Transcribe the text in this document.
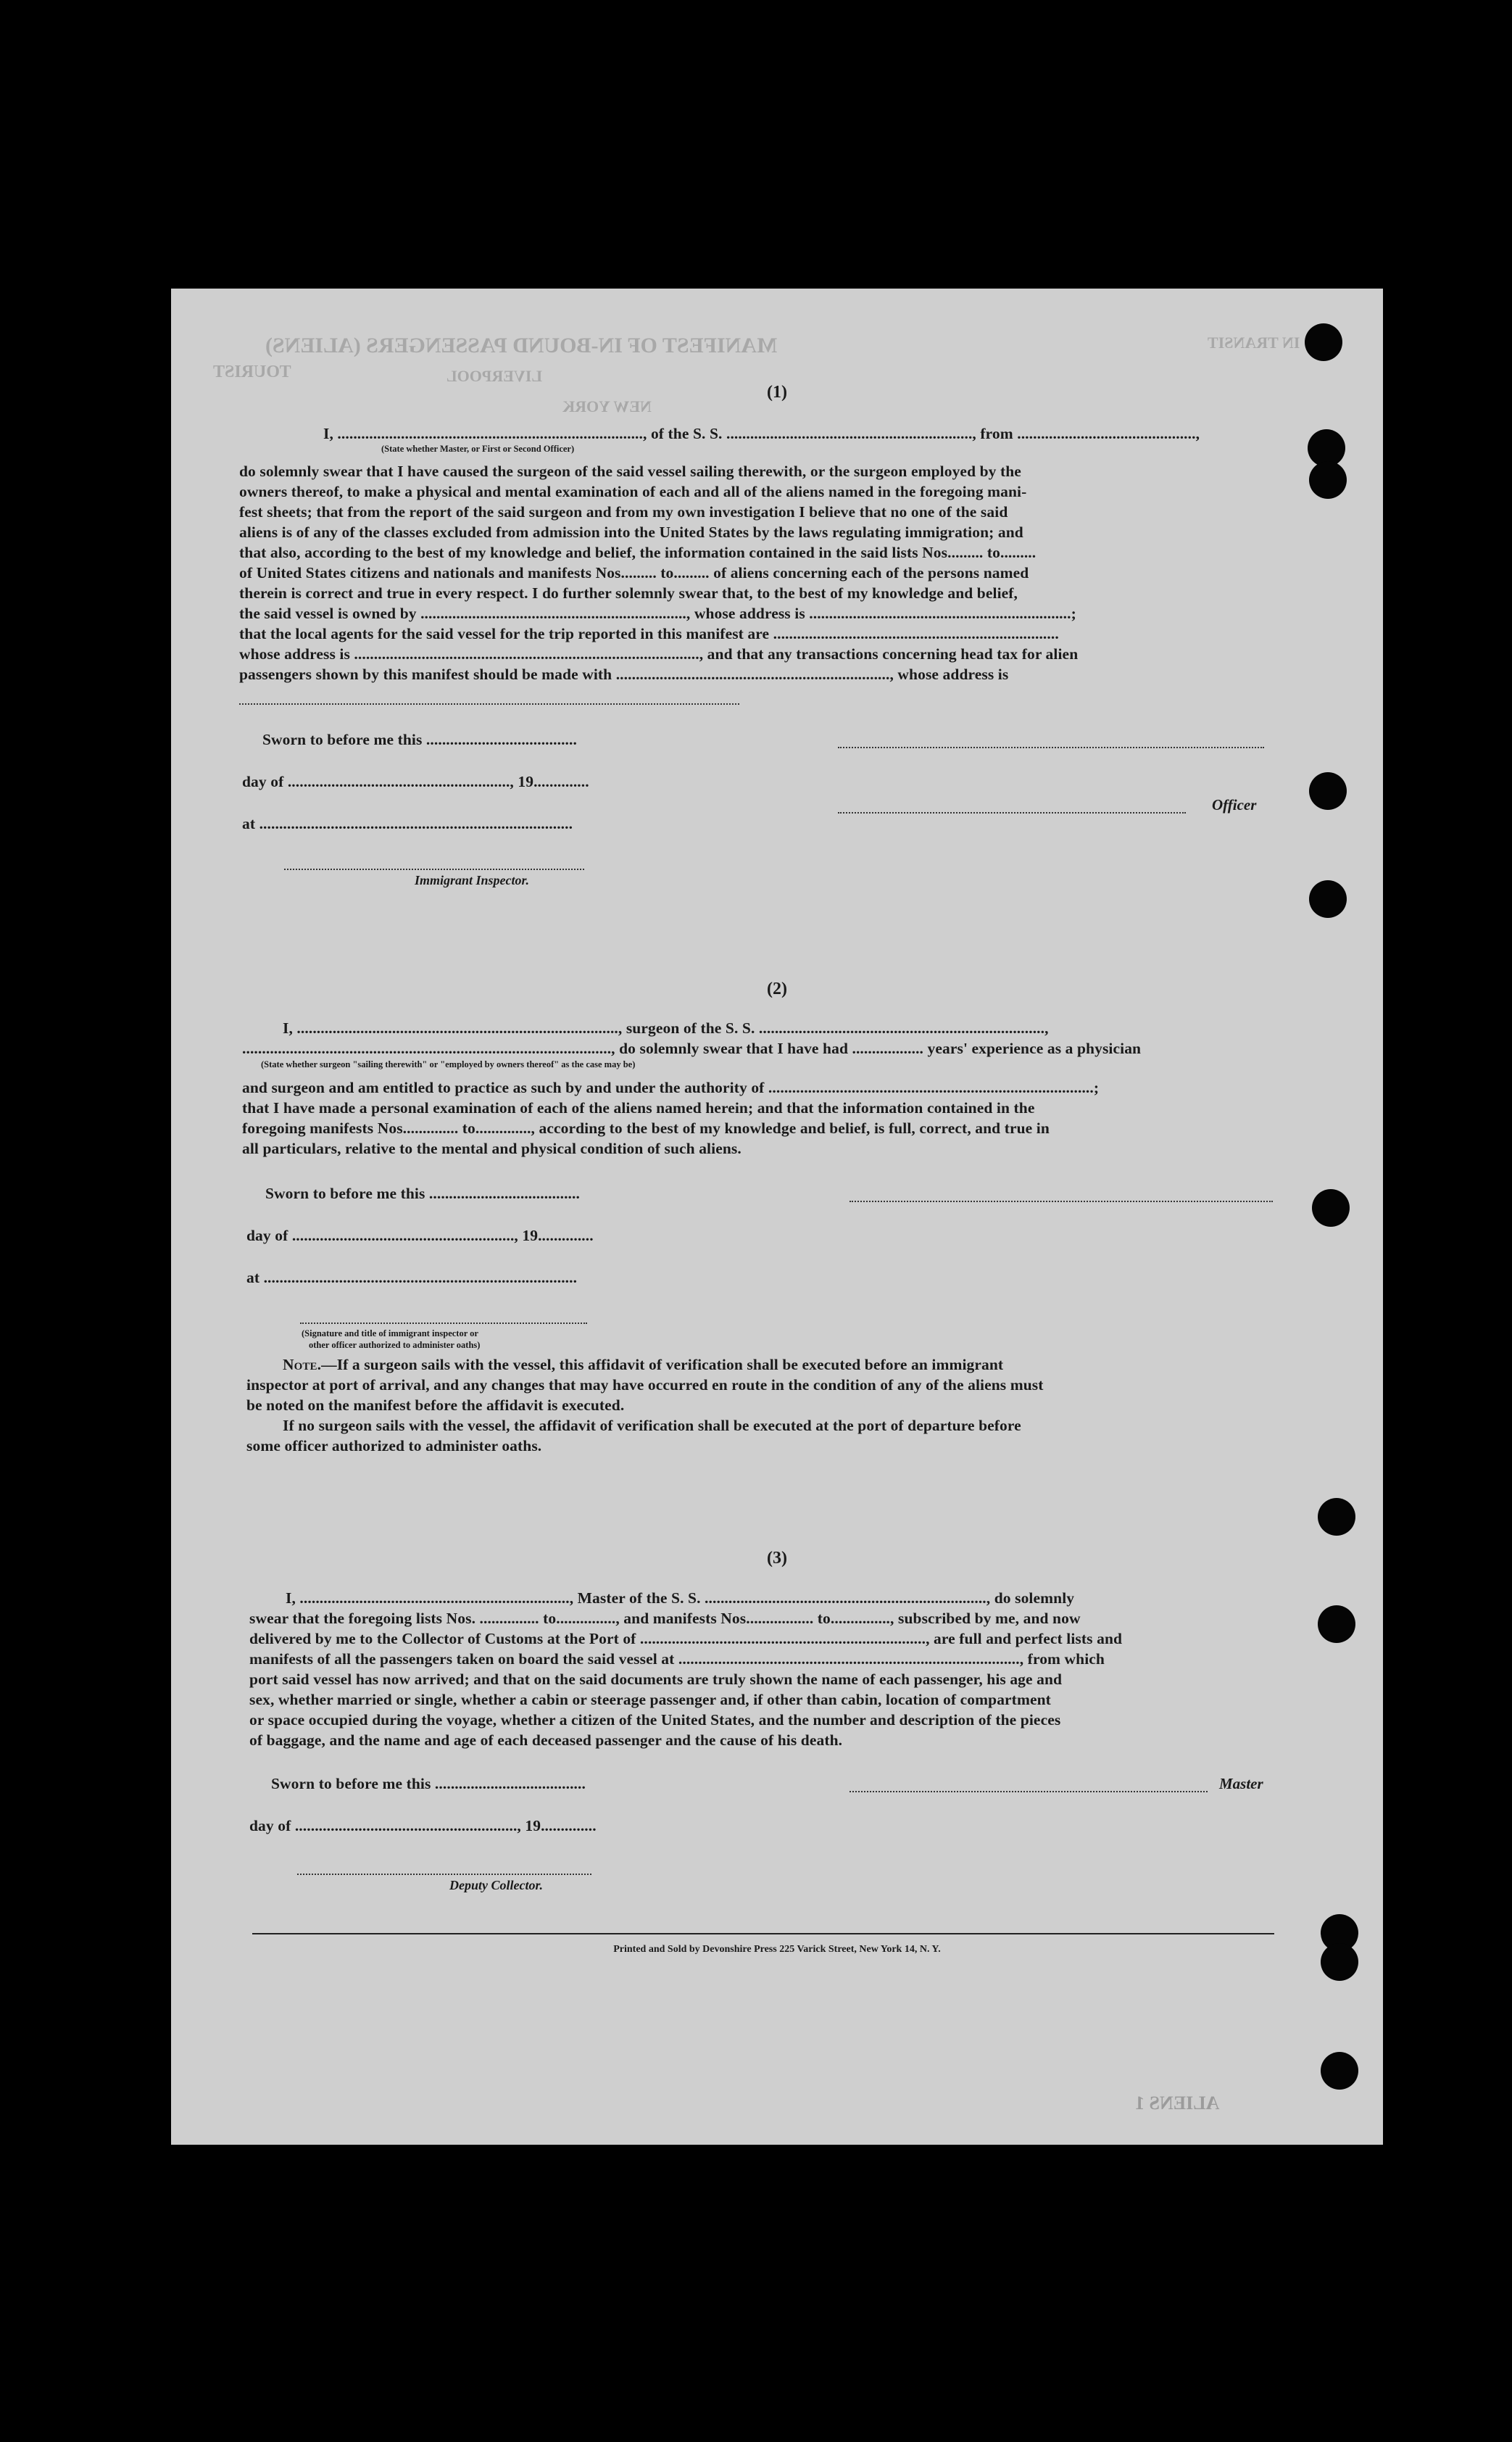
MANIFEST OF IN-BOUND PASSENGERS (ALIENS)
LIVERPOOL
NEW YORK
IN TRANSIT
TOURIST
(1)
I, ............................................................................., of the S. S. .............................................................., from .............................................,
(State whether Master, or First or Second Officer)
do solemnly swear that I have caused the surgeon of the said vessel sailing therewith, or the surgeon employed by the
owners thereof, to make a physical and mental examination of each and all of the aliens named in the foregoing mani-
fest sheets; that from the report of the said surgeon and from my own investigation I believe that no one of the said
aliens is of any of the classes excluded from admission into the United States by the laws regulating immigration; and
that also, according to the best of my knowledge and belief, the information contained in the said lists Nos......... to.........
of United States citizens and nationals and manifests Nos......... to......... of aliens concerning each of the persons named
therein is correct and true in every respect. I do further solemnly swear that, to the best of my knowledge and belief,
the said vessel is owned by ..................................................................., whose address is ..................................................................;
that the local agents for the said vessel for the trip reported in this manifest are ........................................................................
whose address is ......................................................................................., and that any transactions concerning head tax for alien
passengers shown by this manifest should be made with ....................................................................., whose address is
Sworn to before me this ......................................
day of ........................................................, 19..............
Officer
at ...............................................................................
Immigrant Inspector.
(2)
I, ................................................................................., surgeon of the S. S. ........................................................................,
............................................................................................., do solemnly swear that I have had .................. years' experience as a physician
(State whether surgeon "sailing therewith" or "employed by owners thereof" as the case may be)
and surgeon and am entitled to practice as such by and under the authority of ..................................................................................;
that I have made a personal examination of each of the aliens named herein; and that the information contained in the
foregoing manifests Nos.............. to.............., according to the best of my knowledge and belief, is full, correct, and true in
all particulars, relative to the mental and physical condition of such aliens.
Sworn to before me this ......................................
day of ........................................................, 19..............
at ...............................................................................
(Signature and title of immigrant inspector or
other officer authorized to administer oaths)
Note.—If a surgeon sails with the vessel, this affidavit of verification shall be executed before an immigrant
inspector at port of arrival, and any changes that may have occurred en route in the condition of any of the aliens must
be noted on the manifest before the affidavit is executed.
If no surgeon sails with the vessel, the affidavit of verification shall be executed at the port of departure before
some officer authorized to administer oaths.
(3)
I, ...................................................................., Master of the S. S. ......................................................................., do solemnly
swear that the foregoing lists Nos. ............... to..............., and manifests Nos................. to..............., subscribed by me, and now
delivered by me to the Collector of Customs at the Port of ........................................................................, are full and perfect lists and
manifests of all the passengers taken on board the said vessel at ......................................................................................, from which
port said vessel has now arrived; and that on the said documents are truly shown the name of each passenger, his age and
sex, whether married or single, whether a cabin or steerage passenger and, if other than cabin, location of compartment
or space occupied during the voyage, whether a citizen of the United States, and the number and description of the pieces
of baggage, and the name and age of each deceased passenger and the cause of his death.
Sworn to before me this ......................................	Master
day of ........................................................, 19..............
Deputy Collector.
Printed and Sold by Devonshire Press 225 Varick Street, New York 14, N. Y.
ALIENS 1
